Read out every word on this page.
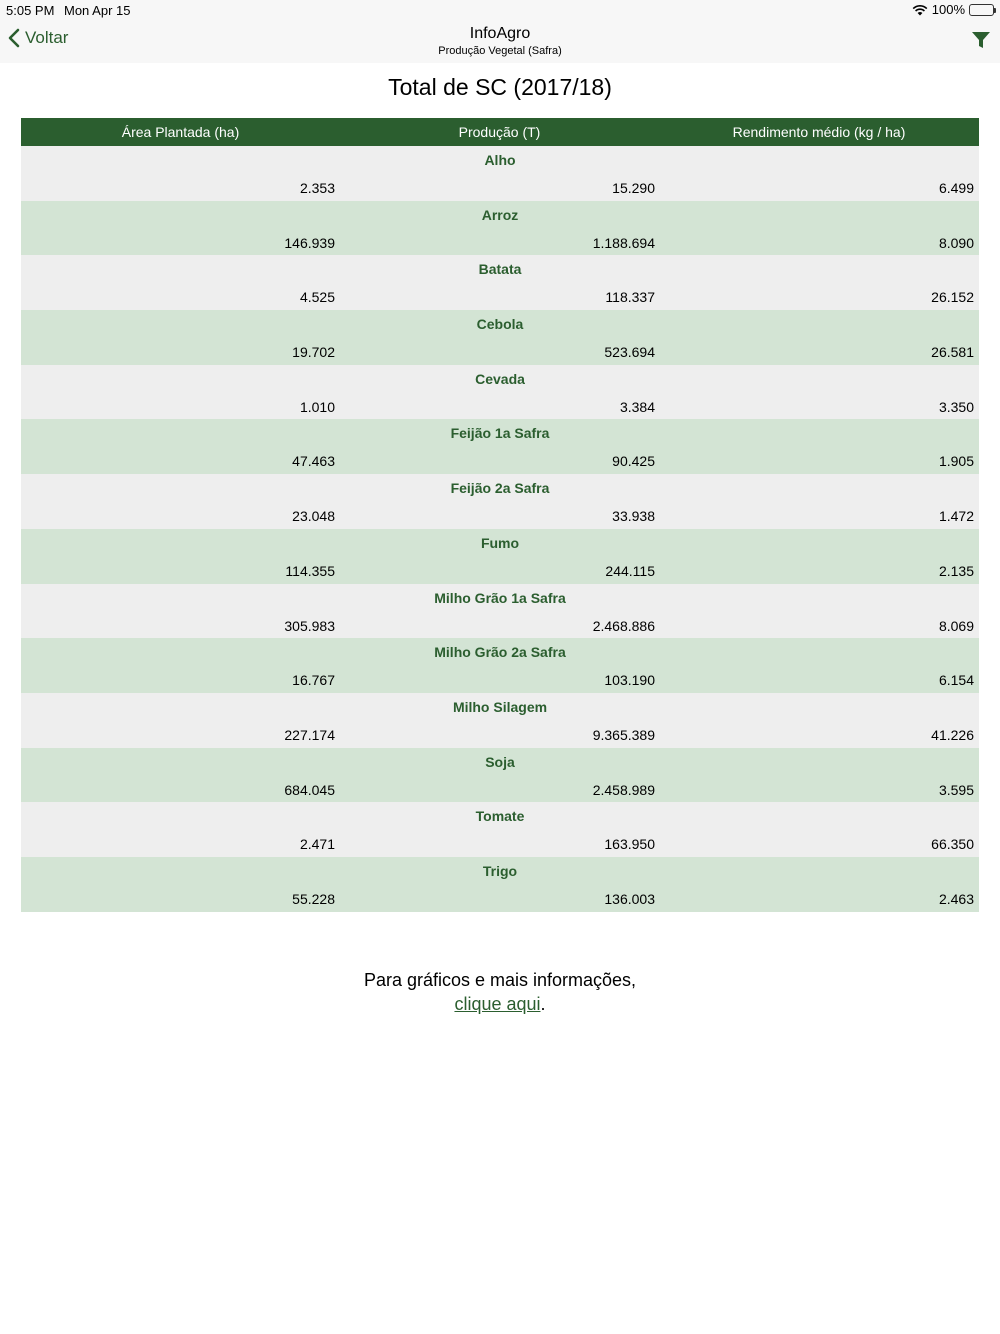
5:05 PM Mon Apr 15	100%
Voltar	InfoAgro
Produção Vegetal (Safra)
Total de SC (2017/18)
Área Plantada (ha)	Produção (T)	Rendimento médio (kg / ha)
Alho
2.353	15.290	6.499
Arroz
146.939	1.188.694	8.090
Batata
4.525	118.337	26.152
Cebola
19.702	523.694	26.581
Cevada
1.010	3.384	3.350
Feijão 1a Safra
47.463	90.425	1.905
Feijão 2a Safra
23.048	33.938	1.472
Fumo
114.355	244.115	2.135
Milho Grão 1a Safra
305.983	2.468.886	8.069
Milho Grão 2a Safra
16.767	103.190	6.154
Milho Silagem
227.174	9.365.389	41.226
Soja
684.045	2.458.989	3.595
Tomate
2.471	163.950	66.350
Trigo
55.228	136.003	2.463
Para gráficos e mais informações,
clique aqui.
